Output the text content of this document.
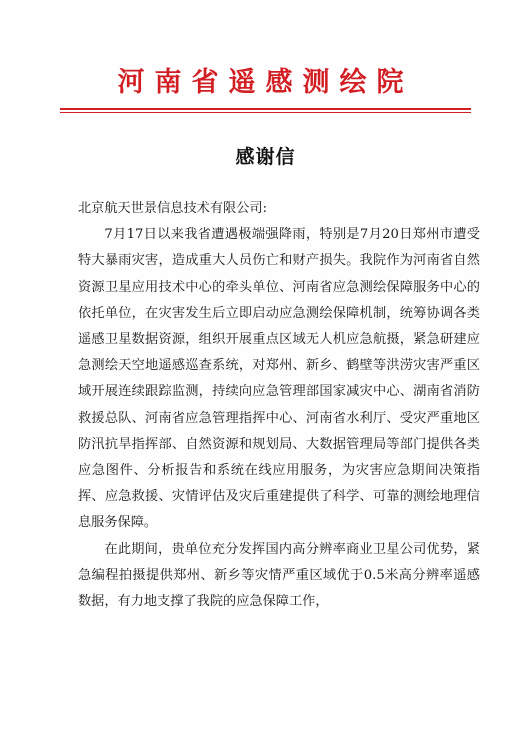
河南省遥感测绘院
感谢信

北京航天世景信息技术有限公司:

7月17日以来我省遭遇极端强降雨，特别是7月20日郑州市遭受特大暴雨灾害，造成重大人员伤亡和财产损失。我院作为河南省自然资源卫星应用技术中心的牵头单位、河南省应急测绘保障服务中心的依托单位，在灾害发生后立即启动应急测绘保障机制，统筹协调各类遥感卫星数据资源，组织开展重点区域无人机应急航摄，紧急研建应急测绘天空地遥感巡查系统，对郑州、新乡、鹤壁等洪涝灾害严重区域开展连续跟踪监测，持续向应急管理部国家减灾中心、湖南省消防救援总队、河南省应急管理指挥中心、河南省水利厅、受灾严重地区防汛抗旱指挥部、自然资源和规划局、大数据管理局等部门提供各类应急图件、分析报告和系统在线应用服务，为灾害应急期间决策指挥、应急救援、灾情评估及灾后重建提供了科学、可靠的测绘地理信息服务保障。

在此期间，贵单位充分发挥国内高分辨率商业卫星公司优势，紧急编程拍摄提供郑州、新乡等灾情严重区域优于0.5米高分辨率遥感数据，有力地支撑了我院的应急保障工作，
